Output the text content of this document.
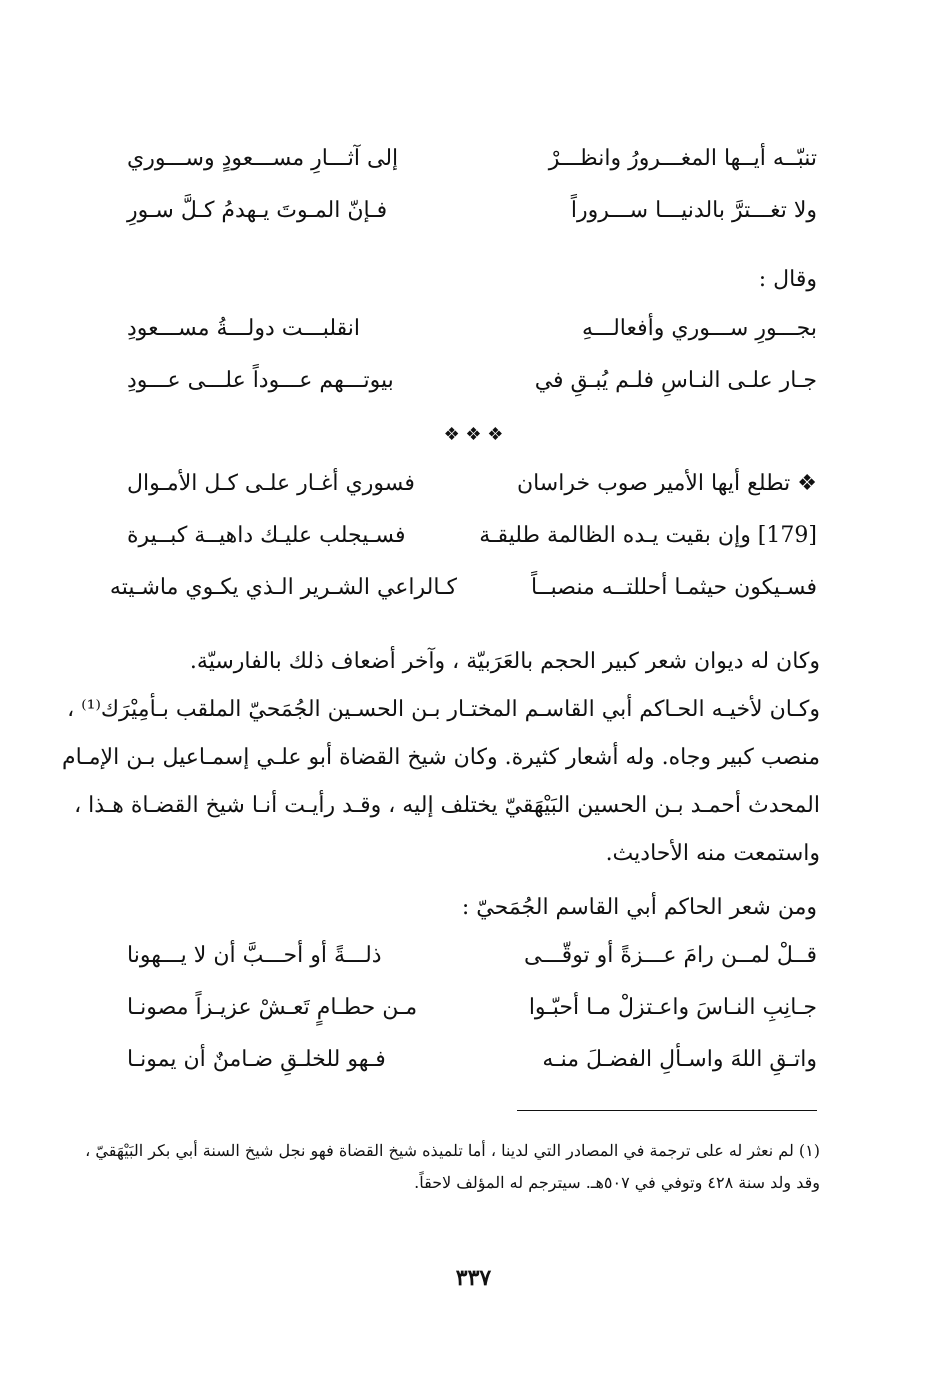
تنبّــه أيــها المغـــرورُ وانظـــرْ
إلى آثـــارِ مســـعودٍ وســـوري
ولا تغـــترَّ بالدنيـــا ســـروراً
فـإنّ المـوتَ يـهدمُ كـلَّ سـورِ
وقال :
بجـــورِ ســـوري وأفعالـــهِ
انقلبـــت دولـــةُ مســـعودِ
جـار علـى النـاسِ فلـم يُبـقِ في
بيوتـــهم عـــوداً علـــى عـــودِ
❖ ❖ ❖
❖ تطلع أيها الأمير صوب خراسان
فسوري أغـار علـى كـل الأمـوال
[179] وإن بقيت يـده الظالمة طليقـة
فسـيجلب عليـك داهيــة كبــيرة
فسـيكون حيثمـا أحللتــه منصبــاً
كـالراعي الشـرير الـذي يكـوي ماشـيته

وكان له ديوان شعر كبير الحجم بالعَرَبيّة ، وآخر أضعاف ذلك بالفارسيّة.

وكـان لأخيـه الحـاكم أبي القاسـم المختـار بـن الحسـين الجُمَحيّ الملقب بـأمِيْرَك⁽¹⁾ ،

منصب كبير وجاه. وله أشعار كثيرة. وكان شيخ القضاة أبو علـي إسمـاعيل بـن الإمـام

المحدث أحمـد بـن الحسين البَيْهَقيّ يختلف إليه ، وقـد رأيـت أنـا شيخ القضـاة هـذا ،

واستمعت منه الأحاديث.

ومن شعر الحاكم أبي القاسم الجُمَحيّ :
قــلْ لمــن رامَ عـــزةً أو توقّـــى
ذلـــةً أو أحـــبَّ أن لا يـــهونا
جـانِبِ النـاسَ واعـتزلْ مـا أحبّـوا
مـن حطـامٍ تَعـشْ عزيـزاً مصونـا
واتـقِ اللهَ واسـألِ الفضـلَ منـه
فـهو للخلـقِ ضـامنٌ أن يمونـا

(١) لم نعثر له على ترجمة في المصادر التي لدينا ، أما تلميذه شيخ القضاة فهو نجل شيخ السنة أبي بكر البَيْهَقيّ ،

وقد ولد سنة ٤٢٨ وتوفي في ٥٠٧هـ. سيترجم له المؤلف لاحقاً.

٣٣٧
